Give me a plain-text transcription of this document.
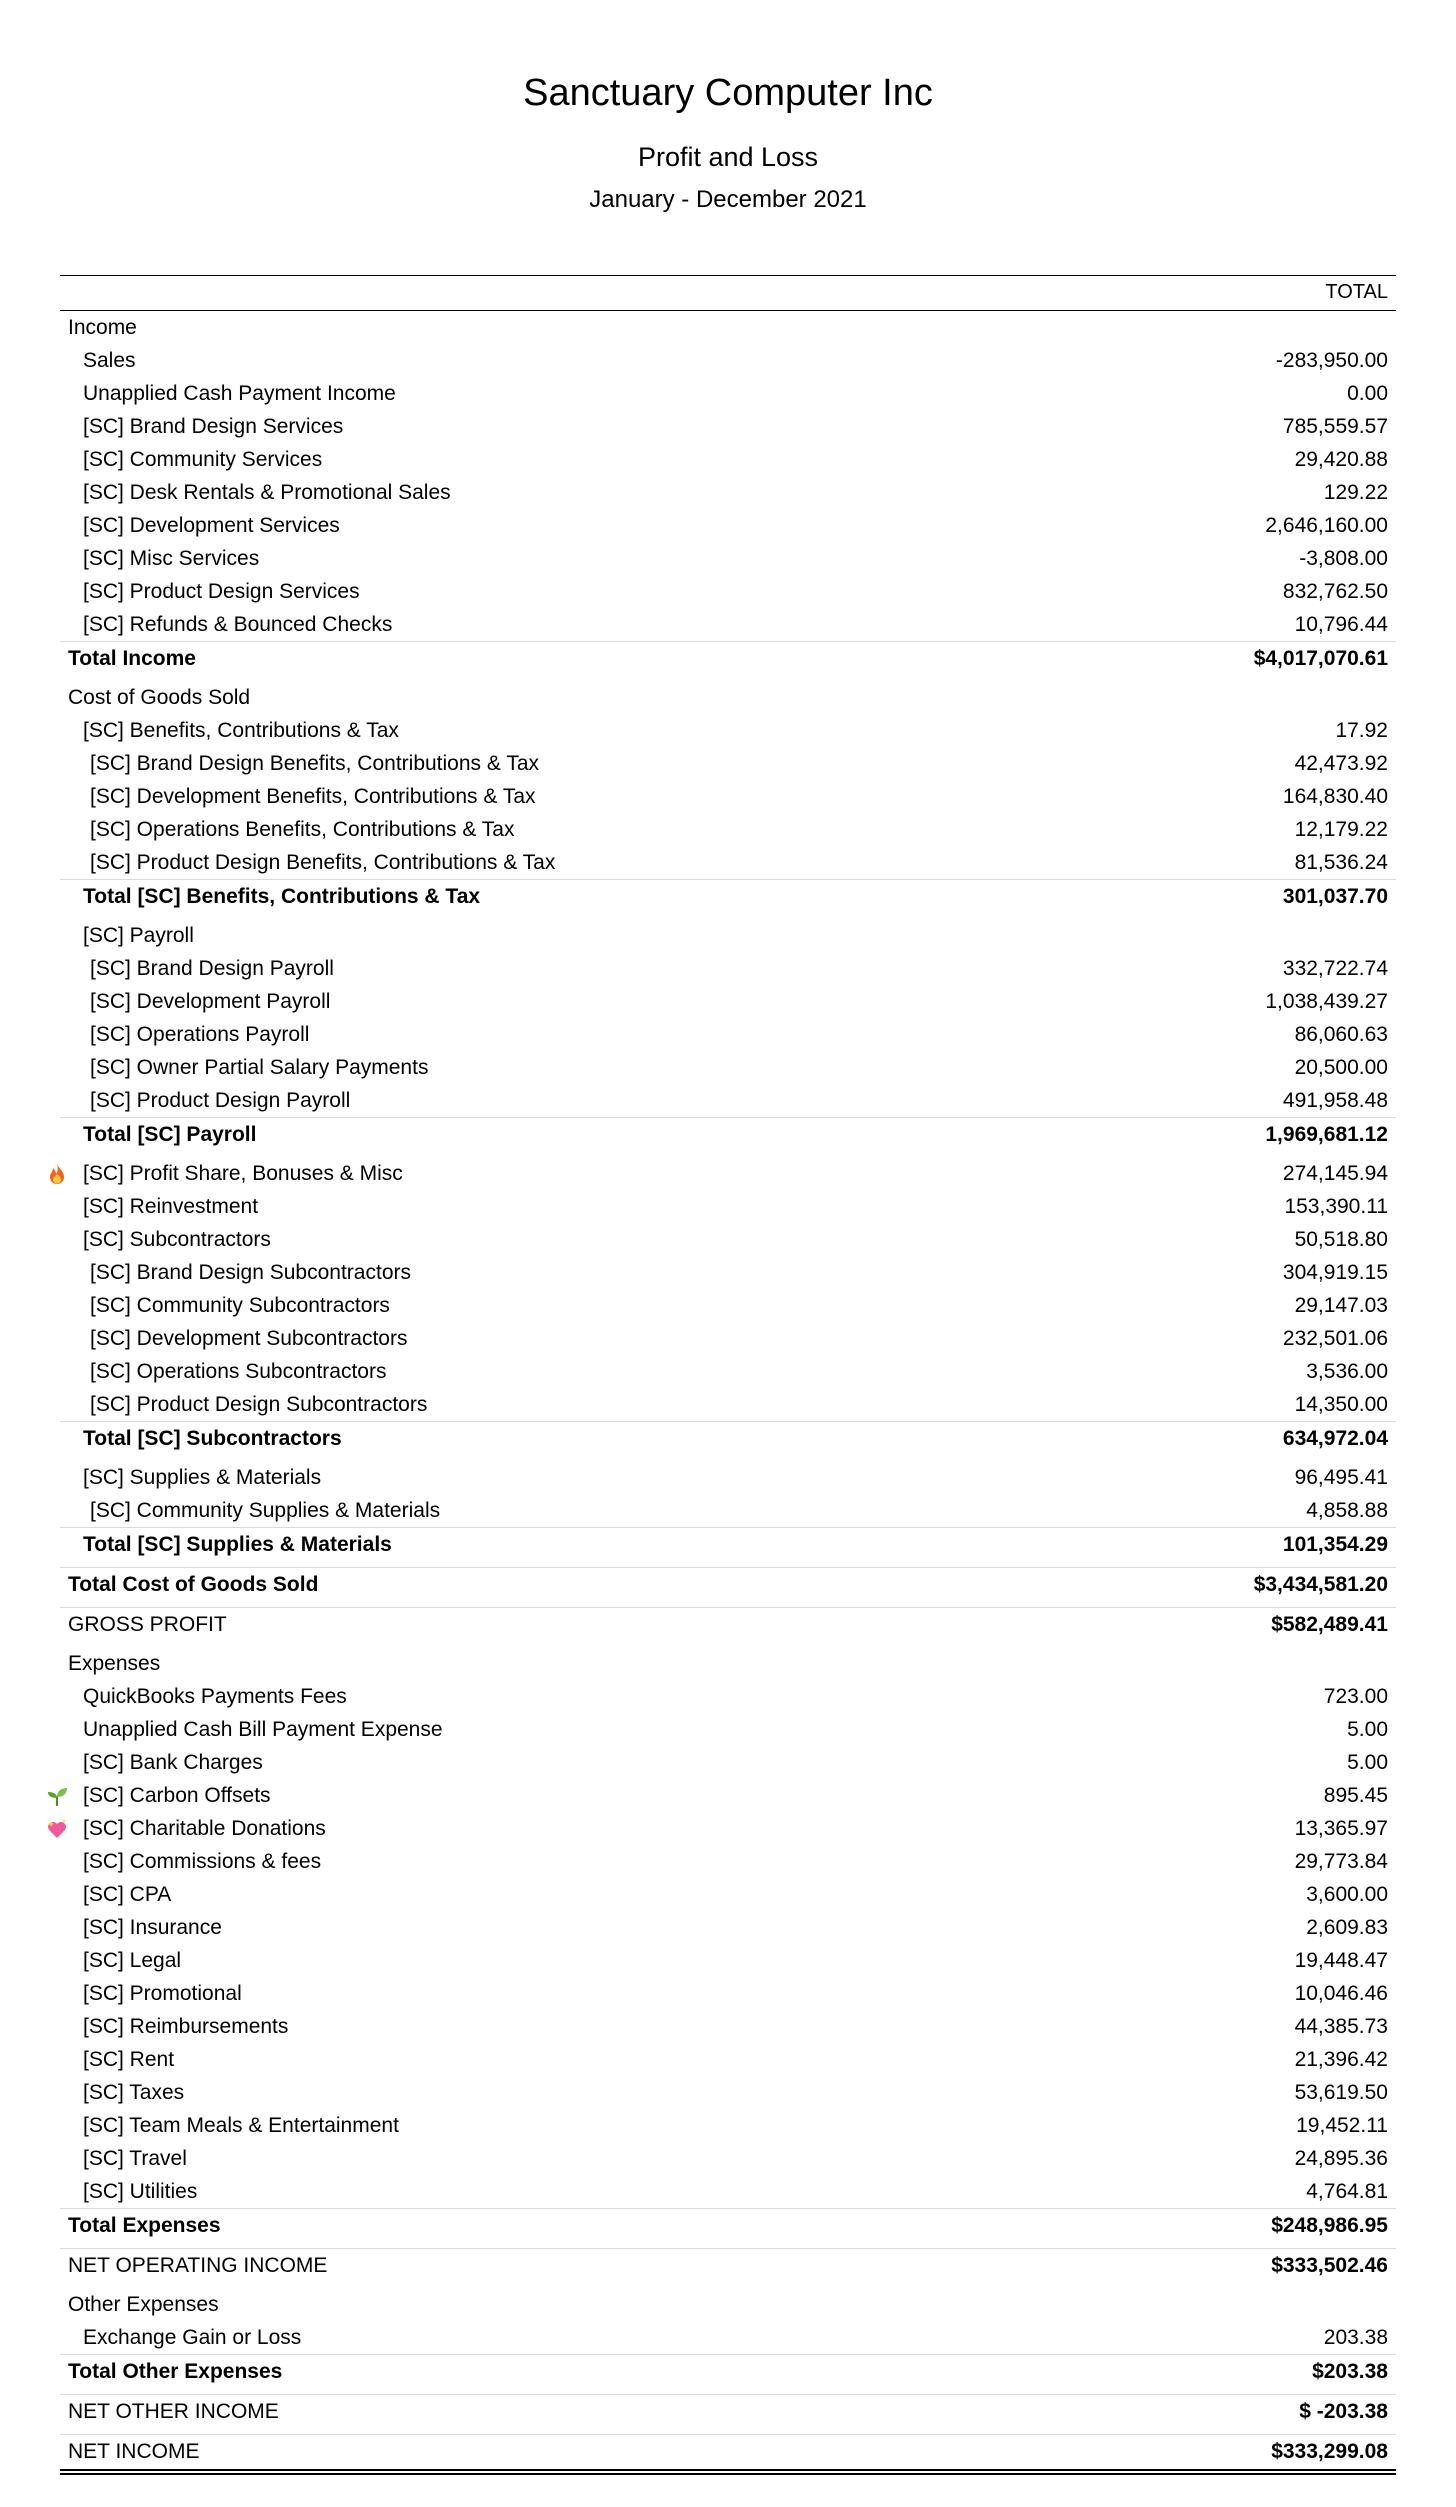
Sanctuary Computer Inc
Profit and Loss
January - December 2021
TOTAL
Income
Sales	-283,950.00
Unapplied Cash Payment Income	0.00
[SC] Brand Design Services	785,559.57
[SC] Community Services	29,420.88
[SC] Desk Rentals & Promotional Sales	129.22
[SC] Development Services	2,646,160.00
[SC] Misc Services	-3,808.00
[SC] Product Design Services	832,762.50
[SC] Refunds & Bounced Checks	10,796.44
Total Income	$4,017,070.61
Cost of Goods Sold
[SC] Benefits, Contributions & Tax	17.92
[SC] Brand Design Benefits, Contributions & Tax	42,473.92
[SC] Development Benefits, Contributions & Tax	164,830.40
[SC] Operations Benefits, Contributions & Tax	12,179.22
[SC] Product Design Benefits, Contributions & Tax	81,536.24
Total [SC] Benefits, Contributions & Tax	301,037.70
[SC] Payroll
[SC] Brand Design Payroll	332,722.74
[SC] Development Payroll	1,038,439.27
[SC] Operations Payroll	86,060.63
[SC] Owner Partial Salary Payments	20,500.00
[SC] Product Design Payroll	491,958.48
Total [SC] Payroll	1,969,681.12
[SC] Profit Share, Bonuses & Misc	274,145.94
[SC] Reinvestment	153,390.11
[SC] Subcontractors	50,518.80
[SC] Brand Design Subcontractors	304,919.15
[SC] Community Subcontractors	29,147.03
[SC] Development Subcontractors	232,501.06
[SC] Operations Subcontractors	3,536.00
[SC] Product Design Subcontractors	14,350.00
Total [SC] Subcontractors	634,972.04
[SC] Supplies & Materials	96,495.41
[SC] Community Supplies & Materials	4,858.88
Total [SC] Supplies & Materials	101,354.29
Total Cost of Goods Sold	$3,434,581.20
GROSS PROFIT	$582,489.41
Expenses
QuickBooks Payments Fees	723.00
Unapplied Cash Bill Payment Expense	5.00
[SC] Bank Charges	5.00
[SC] Carbon Offsets	895.45
[SC] Charitable Donations	13,365.97
[SC] Commissions & fees	29,773.84
[SC] CPA	3,600.00
[SC] Insurance	2,609.83
[SC] Legal	19,448.47
[SC] Promotional	10,046.46
[SC] Reimbursements	44,385.73
[SC] Rent	21,396.42
[SC] Taxes	53,619.50
[SC] Team Meals & Entertainment	19,452.11
[SC] Travel	24,895.36
[SC] Utilities	4,764.81
Total Expenses	$248,986.95
NET OPERATING INCOME	$333,502.46
Other Expenses
Exchange Gain or Loss	203.38
Total Other Expenses	$203.38
NET OTHER INCOME	$ -203.38
NET INCOME	$333,299.08
